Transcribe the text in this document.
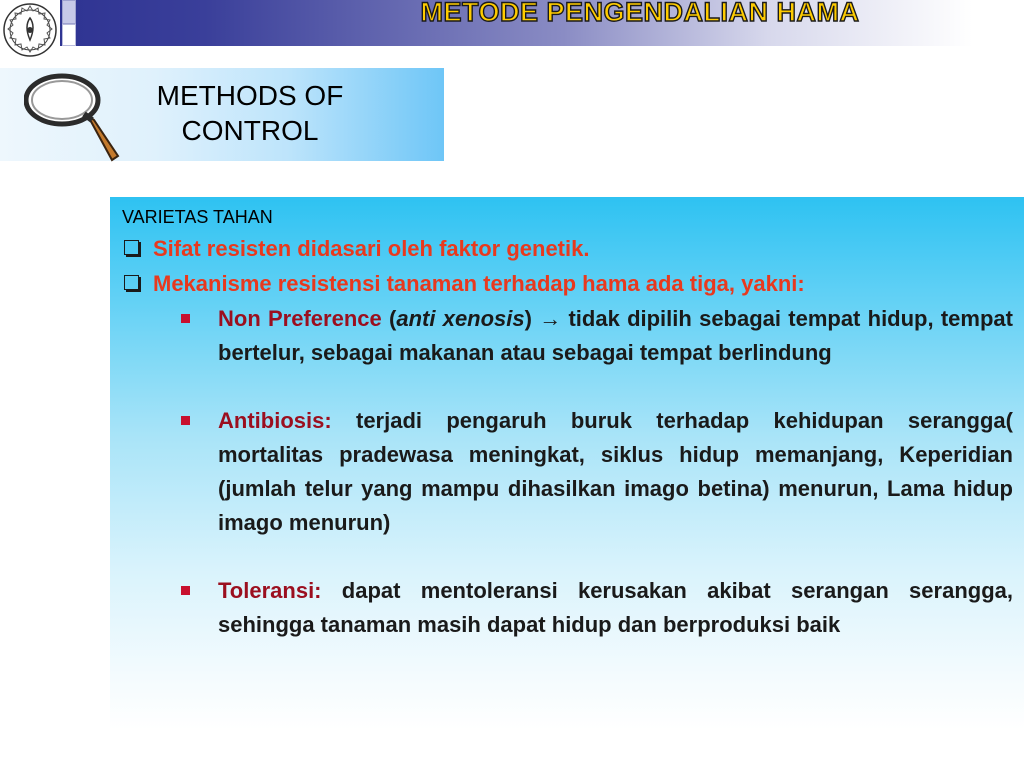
METODE PENGENDALIAN HAMA
METHODS OF
CONTROL
VARIETAS TAHAN
Sifat resisten didasari oleh faktor genetik.
Mekanisme resistensi tanaman terhadap hama ada tiga, yakni:
Non Preference (anti xenosis) → tidak dipilih sebagai tempat hidup, tempat bertelur, sebagai makanan atau sebagai tempat berlindung
Antibiosis: terjadi pengaruh buruk terhadap kehidupan serangga( mortalitas pradewasa meningkat, siklus hidup memanjang, Keperidian (jumlah telur yang mampu dihasilkan imago betina) menurun, Lama hidup imago menurun)
Toleransi: dapat mentoleransi kerusakan akibat serangan serangga, sehingga tanaman masih dapat hidup dan berproduksi baik
